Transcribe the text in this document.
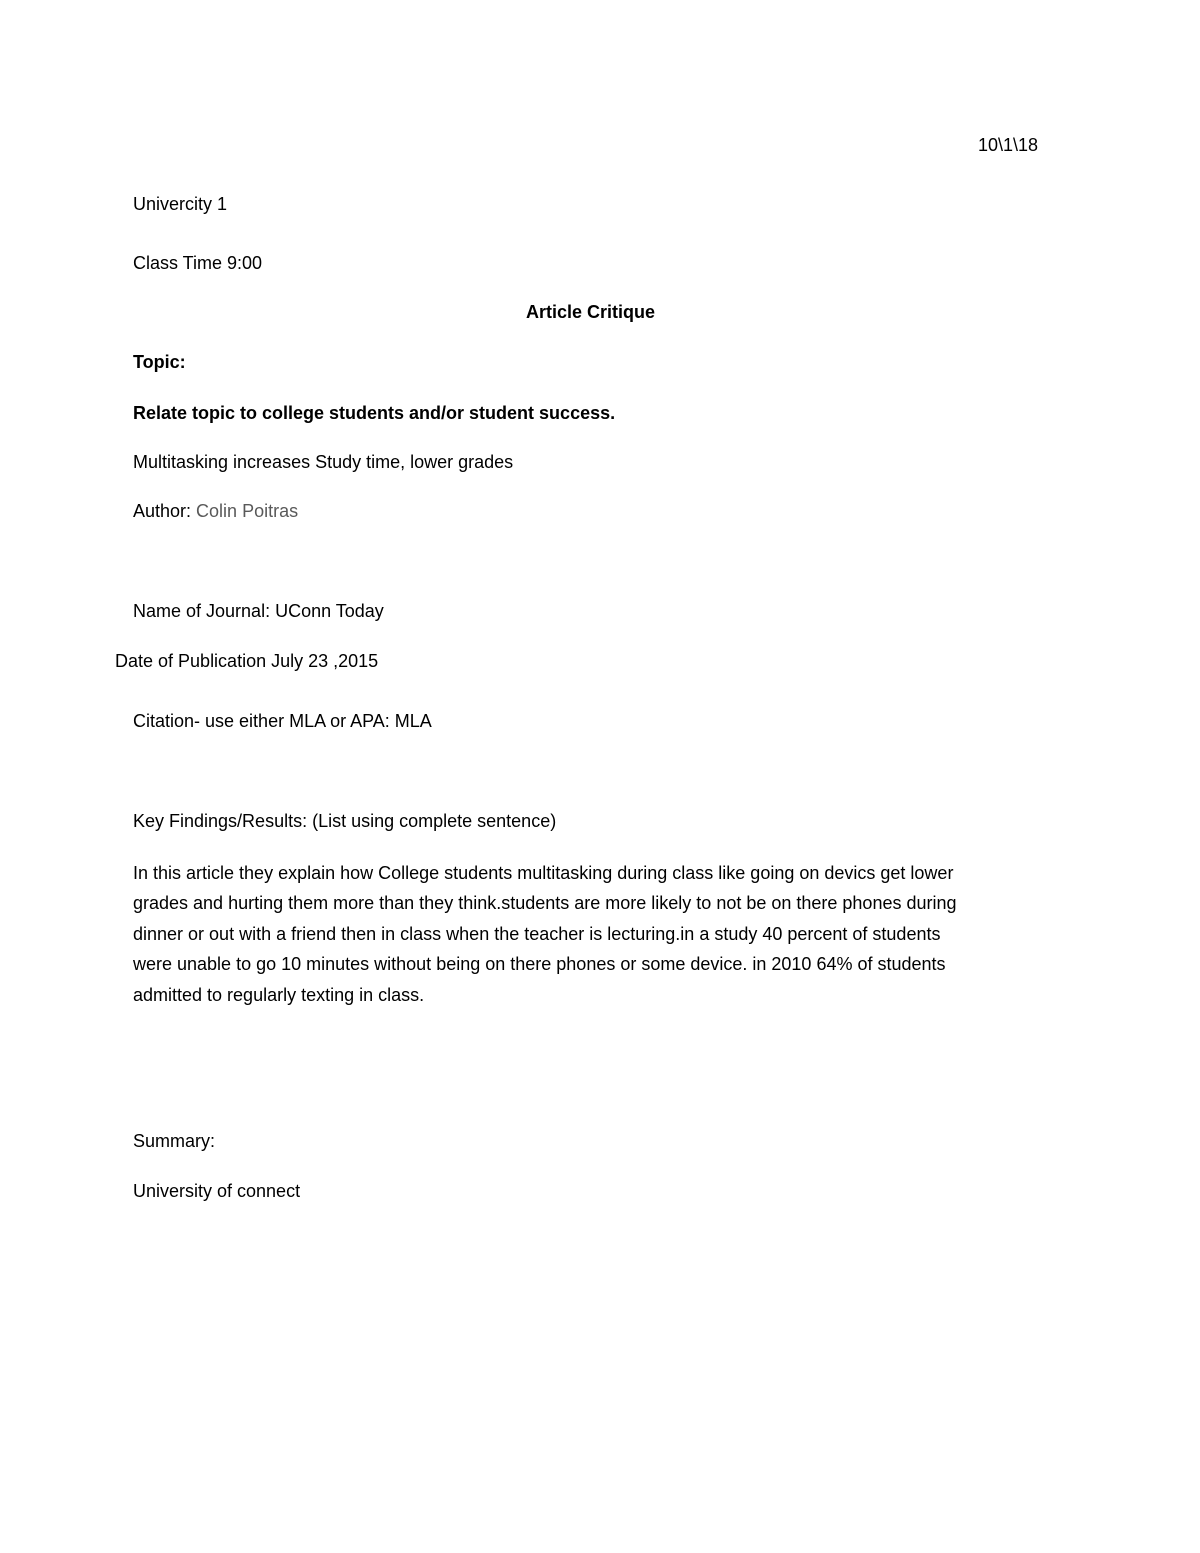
10\1\18
Univercity 1
Class Time 9:00
Article Critique
Topic:
Relate topic to college students and/or student success.
Multitasking increases Study time, lower grades
Author: Colin Poitras
Name of Journal: UConn Today
Date of Publication July 23 ,2015
Citation- use either MLA or APA: MLA
Key Findings/Results: (List using complete sentence)
In this article they explain how College students multitasking during class like going on devics get lower
grades and hurting them more than they think.students are more likely to not be on there phones during
dinner or out with a friend then in class when the teacher is lecturing.in a study 40 percent of students
were unable to go 10 minutes without being on there phones or some device. in 2010 64% of students
admitted to regularly texting in class.
Summary:
University of connect
